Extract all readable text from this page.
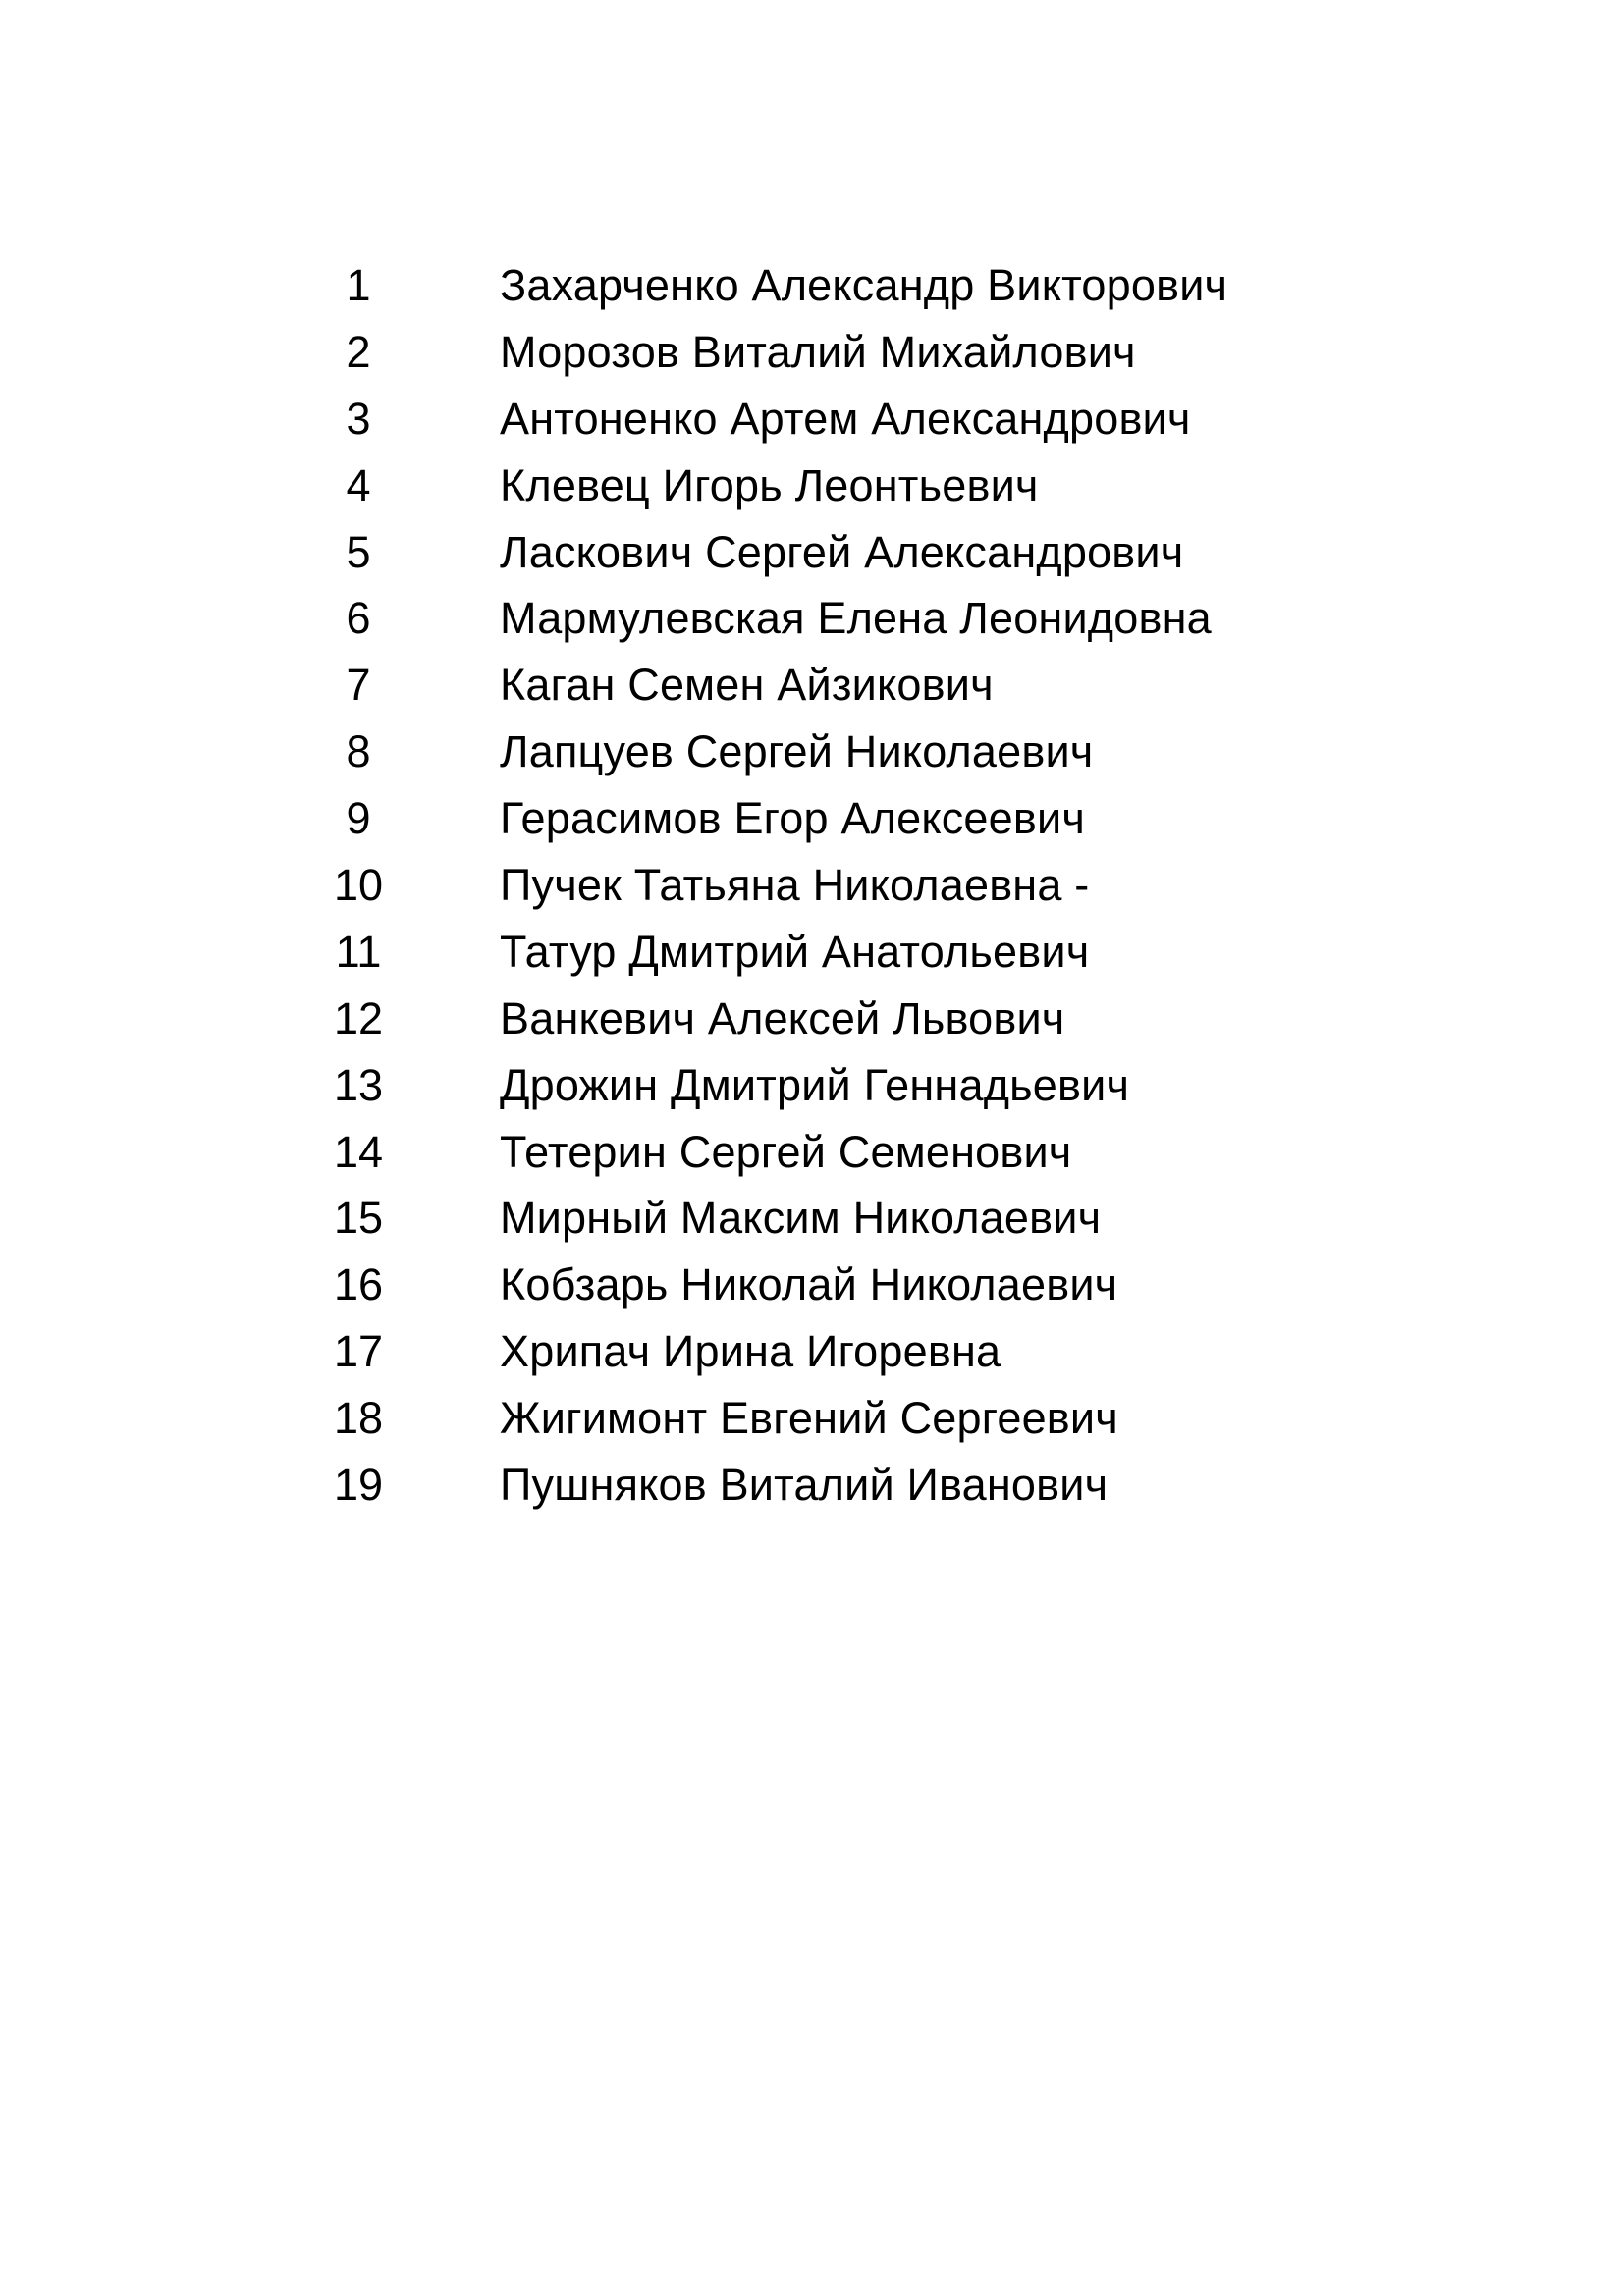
1	Захарченко Александр Викторович
2	Морозов Виталий Михайлович
3	Антоненко Артем Александрович
4	Клевец Игорь Леонтьевич
5	Ласкович Сергей Александрович
6	Мармулевская Елена Леонидовна
7	Каган Семен Айзикович
8	Лапцуев Сергей Николаевич
9	Герасимов Егор Алексеевич
10	Пучек Татьяна Николаевна -
11	Татур Дмитрий Анатольевич
12	Ванкевич Алексей Львович
13	Дрожин Дмитрий Геннадьевич
14	Тетерин Сергей Семенович
15	Мирный Максим Николаевич
16	Кобзарь Николай Николаевич
17	Хрипач Ирина Игоревна
18	Жигимонт Евгений Сергеевич
19	Пушняков Виталий Иванович
